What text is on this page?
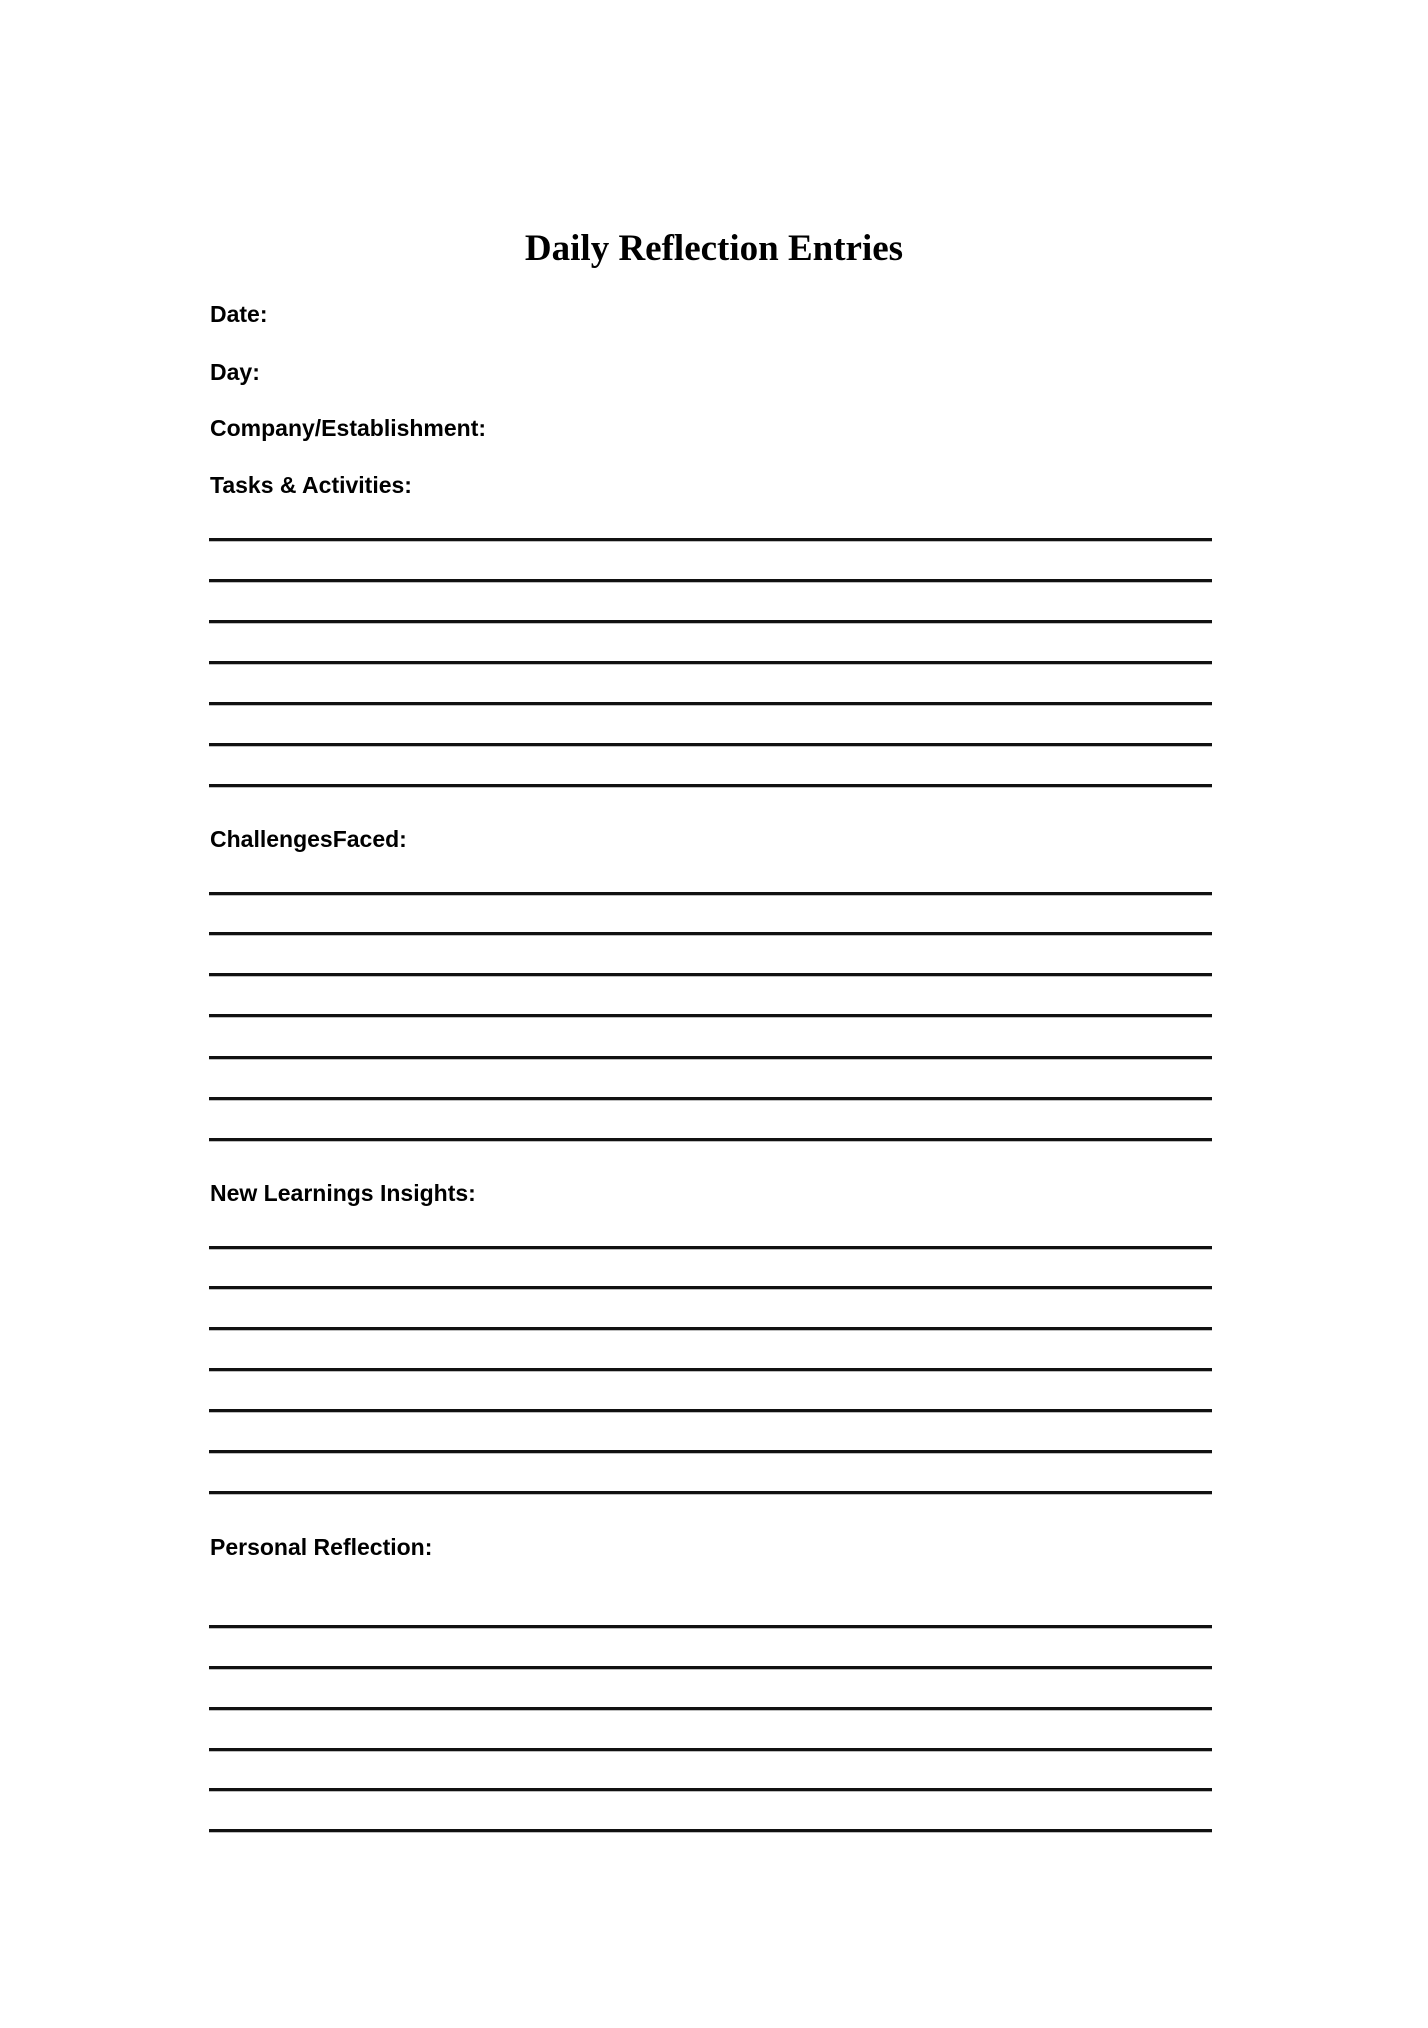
Daily Reflection Entries
Date:
Day:
Company/Establishment:
Tasks & Activities:
ChallengesFaced:
New Learnings Insights:
Personal Reflection:
